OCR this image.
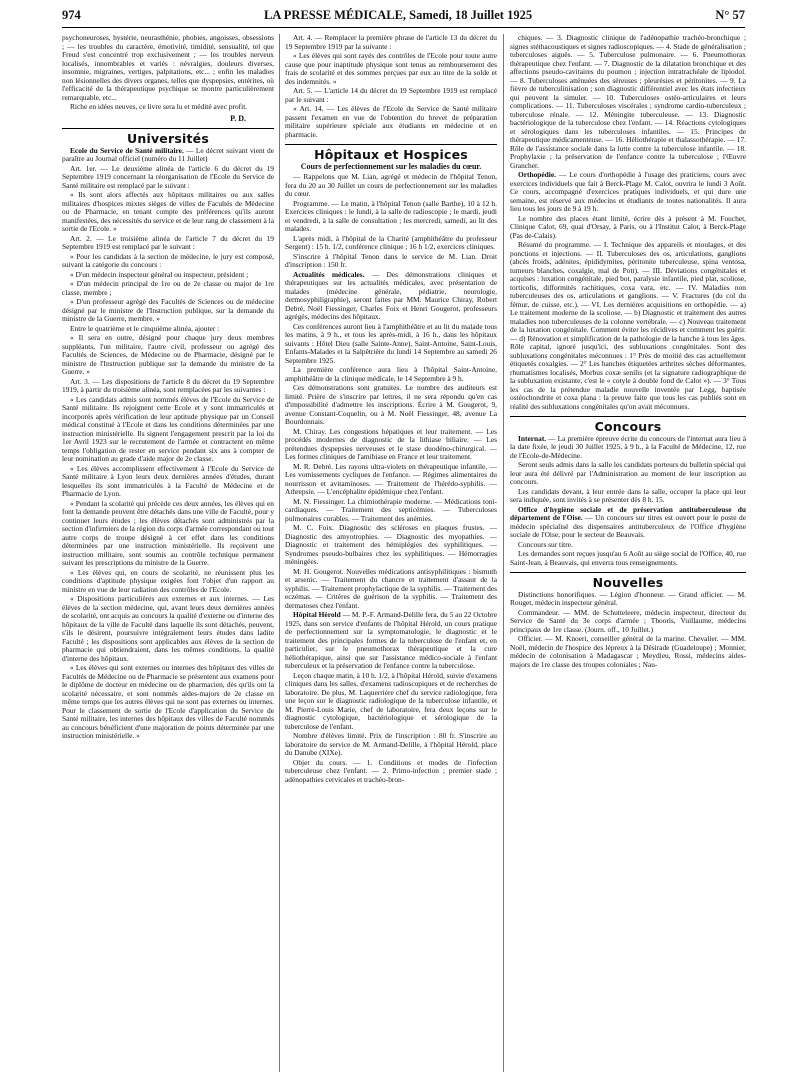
974	LA PRESSE MÉDICALE, Samedi, 18 Juillet 1925	N° 57

psychoneuroses, hystérie, neurasthénie, phobies, angoisses, obsessions ; — les troubles du caractère, émotivité, timidité, sensualité, tel que Freud s'est concentré trop exclusivement ; — les troubles nerveux localisés, innombrables et variés : névralgies, douleurs diverses, insomnie, migraines, vertiges, palpitations, etc... ; enfin les maladies non lésionnelles des divers organes, telles que dyspepsies, entérites, où l'efficacité de la thérapeutique psychique se montre particulièrement remarquable, etc...

Riche en idées neuves, ce livre sera lu et médité avec profit.

P. D.
Universités

Ecole du Service de Santé militaire. — Le décret suivant vient de paraître au Journal officiel (numéro du 11 Juillet)

Art. 1er. — Le deuxième alinéa de l'article 6 du décret du 19 Septembre 1919 concernant la réorganisation de l'Ecole du Service de Santé militaire est remplacé par le suivant :

« Ils sont alors affectés aux hôpitaux militaires ou aux salles militaires d'hospices mixtes sièges de villes de Facultés de Médecine ou de Pharmacie, en tenant compte des préférences qu'ils auront manifestées, des nécessités du service et de leur rang de classement à la sortie de l'Ecole. »

Art. 2. — Le troisième alinéa de l'article 7 du décret du 19 Septembre 1919 est remplacé par le suivant :

« Pour les candidats à la section de médecine, le jury est composé, suivant la catégorie du concours :

« D'un médecin inspecteur général ou inspecteur, président ;

« D'un médecin principal de 1re ou de 2e classe ou major de 1re classe, membre ;

« D'un professeur agrégé des Facultés de Sciences ou de médecine désigné par le ministre de l'Instruction publique, sur la demande du ministre de la Guerre, membre. »

Entre le quatrième et le cinquième alinéa, ajouter :

« Il sera en outre, désigné pour chaque jury deux membres suppléants, l'un militaire, l'autre civil, professeur ou agrégé des Facultés de Sciences, de Médecine ou de Pharmacie, désigné par le ministre de l'Instruction publique sur la demande du ministre de la Guerre. »

Art. 3. — Les dispositions de l'article 8 du décret du 19 Septembre 1919, à partir du troisième alinéa, sont remplacées par les suivantes :

« Les candidats admis sont nommés élèves de l'Ecole du Service de Santé militaire. Ils rejoignent cette Ecole et y sont immatriculés et incorporés après vérification de leur aptitude physique par un Conseil médical constitué à l'Ecole et dans les conditions déterminées par une instruction ministérielle. Ils signent l'engagement prescrit par la loi du 1er Avril 1923 sur le recrutement de l'armée et contractent en même temps l'obligation de rester en service pendant six ans à compter de leur nomination au grade d'aide major de 2e classe.

« Les élèves accomplissent effectivement à l'Ecole du Service de Santé militaire à Lyon leurs deux dernières années d'études, durant lesquelles ils sont immatriculés à la Faculté de Médecine et de Pharmacie de Lyon.

« Pendant la scolarité qui précède ces deux années, les élèves qui en font la demande peuvent être détachés dans une ville de Faculté, pour y continuer leurs études ; les élèves détachés sont administrés par la section d'infirmiers de la région du corps d'armée correspondant ou tout autre corps de troupe désigné à cet effet dans les conditions déterminées par une instruction ministérielle. Ils reçoivent une instruction militaire, sont soumis au contrôle technique permanent suivant les prescriptions du ministre de la Guerre.

« Les élèves qui, en cours de scolarité, ne réunissent plus les conditions d'aptitude physique exigées font l'objet d'un rapport au ministre en vue de leur radiation des contrôles de l'Ecole.

« Dispositions particulières aux externes et aux internes. — Les élèves de la section médecine, qui, avant leurs deux dernières années de scolarité, ont acquis au concours la qualité d'externe ou d'interne des hôpitaux de la ville de Faculté dans laquelle ils sont détachés, peuvent, s'ils le désirent, poursuivre intégralement leurs études dans ladite Faculté ; les dispositions sont applicables aux élèves de la section de pharmacie qui obtiendraient, dans les mêmes conditions, la qualité d'interne des hôpitaux.

« Les élèves qui sont externes ou internes des hôpitaux des villes de Facultés de Médecine ou de Pharmacie se présentent aux examens pour le diplôme de docteur en médecine ou de pharmacien, dès qu'ils ont la scolarité nécessaire, et sont nommés aides-majors de 2e classe en même temps que les autres élèves qui ne sont pas externes ou internes. Pour le classement de sortie de l'Ecole d'application du Service de Santé militaire, les internes des hôpitaux des villes de Faculté nommés au concours bénéficient d'une majoration de points déterminée par une instruction ministérielle. »

Art. 4. — Remplacer la première phrase de l'article 13 du décret du 19 Septembre 1919 par la suivante :

« Les élèves qui sont rayés des contrôles de l'Ecole pour toute autre cause que pour inaptitude physique sont tenus au remboursement des frais de scolarité et des sommes perçues par eux au titre de la solde et des indemnités. »

Art. 5. — L'article 14 du décret du 19 Septembre 1919 est remplacé par le suivant :

« Art. 14. — Les élèves de l'Ecole du Service de Santé militaire passent l'examen en vue de l'obtention du brevet de préparation militaire supérieure spéciale aux étudiants en médecine et en pharmacie.

Hôpitaux et Hospices
Cours de perfectionnement sur les maladies du cœur.

— Rappelons que M. Lian, agrégé et médecin de l'hôpital Tenon, fera du 20 au 30 Juillet un cours de perfectionnement sur les maladies du cœur.

Programme. — Le matin, à l'hôpital Tenon (salle Barthe), 10 à 12 h. Exercices cliniques : le lundi, à la salle de radioscopie ; le mardi, jeudi et vendredi, à la salle de consultation ; les mercredi, samedi, au lit des malades.

L'après midi, à l'hôpital de la Charité (amphithéâtre du professeur Sergent) : 15 h. 1/2, conférence clinique ; 16 h 1/2, exercices cliniques.

S'inscrire à l'hôpital Tenon dans le service de M. Lian. Droit d'inscription : 150 fr.

Actualités médicales. — Des démonstrations cliniques et thérapeutiques sur les actualités médicales, avec présentation de malades (médecine générale, pédiatrie, neurologie, dermosyphiligraphie), seront faites par MM. Maurice Chiray, Robert Debré, Noël Fiessinger, Charles Foix et Henri Gougerot, professeurs agrégés, médecins des hôpitaux.

Ces conférences auront lieu à l'amphithéâtre et au lit du malade tous les matins, à 9 h., et tous les après-midi, à 16 h., dans les hôpitaux suivants : Hôtel Dieu (salle Sainte-Anne), Saint-Antoine, Saint-Louis, Enfants-Malades et la Salpêtrière du lundi 14 Septembre au samedi 26 Septembre 1925.

La première conférence aura lieu à l'hôpital Saint-Antoine, amphithéâtre de la clinique médicale, le 14 Septembre à 9 h.

Ces démonstrations sont gratuites. Le nombre des auditeurs est limité. Prière de s'inscrire par lettres, il ne sera répondu qu'en cas d'impossibilité d'admettre les inscriptions. Écrire à M. Gougerot, 9, avenue Constant-Coquelin, ou à M. Noël Fiessinger, 48, avenue La Bourdonnais.

M. Chiray. Les congestions hépatiques et leur traitement. — Les procédés modernes de diagnostic de la lithiase biliaire. — Les prétendues dyspepsies nerveuses et le stase duodéno-chirurgical. — Les formes cliniques de l'amibiase en France et leur traitement.

M. R. Debré. Les rayons ultra-violets en thérapeutique infantile. — Les vomissements cycliques de l'enfance. — Régimes alimentaires du nourrisson et avitaminoses. — Traitement de l'hérédo-syphilis. — Athrepsie. — L'encéphalite épidémique chez l'enfant.

M. N. Fiessinger. La chimiothérapie moderne. — Médications toni-cardiaques. — Traitement des septicémies. — Tuberculoses pulmonaires curables. — Traitement des anémies.

M. C. Foix. Diagnostic des scléroses en plaques frustes. — Diagnostic des amyotrophies. — Diagnostic des myopathies. — Diagnostic et traitement des hémiplégies des syphilitiques. — Syndromes pseudo-bulbaires chez les syphilitiques. — Hémorragies méningées.

M. H. Gougerot. Nouvelles médications antisyphilitiques : bismuth et arsenic. — Traitement du chancre et traitement d'assaut de la syphilis. — Traitement prophylactique de la syphilis. — Traitement des eczémas. — Critères de guérison de la syphilis. — Traitement des dermatoses chez l'enfant.

Hôpital Hérold — M. P.-F. Armand-Delille fera, du 5 au 22 Octobre 1925, dans son service d'enfants de l'hôpital Hérold, un cours pratique de perfectionnement sur la symptomatologie, le diagnostic et le traitement des principales formes de la tuberculose de l'enfant et, en particulier, sur le pneumothorax thérapeutique et la cure héliothérapique, ainsi que sur l'assistance médico-sociale à l'enfant tuberculeux et la préservation de l'enfance contre la tuberculose.

Leçon chaque matin, à 10 h. 1/2, à l'hôpital Hérold, suivie d'examens cliniques dans les salles, d'examens radioscopiques et de recherches de laboratoire. De plus, M. Laquerrière chef du service radiologique, fera une leçon sur le diagnostic radiologique de la tuberculose infantile, et M. Pierre-Louis Marie, chef de laboratoire, fera deux leçons sur le diagnostic cytologique, bactériologique et sérologique de la tuberculose de l'enfant.

Nombre d'élèves limité. Prix de l'inscription : 80 fr. S'inscrire au laboratoire du service de M. Armand-Delille, à l'hôpital Hérold, place du Danube (XIXe).

Objet du cours. — 1. Conditions et modes de l'infection tuberculeuse chez l'enfant. — 2. Primo-infection ; premier stade ; adénopathies cervicales et trachéo-bron-

chiques. — 3. Diagnostic clinique de l'adénopathie trachéo-bronchique ; signes stéthacoustiques et signes radioscopiques. — 4. Stade de généralisation ; tuberculoses aiguës. — 5. Tuberculose pulmonaire. — 6. Pneumothorax thérapeutique chez l'enfant. — 7. Diagnostic de la dilatation bronchique et des affections pseudo-cavitaires du poumon ; injection intratrachéale de lipiodol. — 8. Tuberculoses atténuées des séreuses ; pleurésies et péritonites. — 9. La fièvre de tuberculinisation ; son diagnostic différentiel avec les états infectieux qui peuvent la simuler. — 10. Tuberculoses ostéo-articulaires et leurs complications. — 11. Tuberculoses viscérales ; syndrome cardio-tuberculeux ; tuberculose rénale. — 12. Méningite tuberculeuse. — 13. Diagnostic bactériologique de la tuberculose chez l'enfant. — 14. Réactions cytologiques et sérologiques dans les tuberculoses infantiles. — 15. Principes de thérapeutique médicamenteuse. — 16. Héliothérapie et thalassothérapie. — 17. Rôle de l'assistance sociale dans la lutte contre la tuberculose infantile. — 18. Prophylaxie ; la préservation de l'enfance contre la tuberculose ; l'Œuvre Grancher.

Orthopédie. — Le cours d'orthopédie à l'usage des praticiens, cours avec exercices individuels que fait à Berck-Plage M. Calot, ouvrira le lundi 3 Août. Ce cours, accompagné d'exercices pratiques individuels, et qui dure une semaine, est réservé aux médecins et étudiants de toutes nationalités. Il aura lieu tous les jours de 9 à 19 h.

Le nombre des places étant limité, écrire dès à présent à M. Fouchet, Clinique Calot, 69, quai d'Orsay, à Paris, ou à l'Institut Calot, à Berck-Plage (Pas de-Calais).

Résumé du programme. — I. Technique des appareils et moulages, et des ponctions et injections. — II. Tuberculoses des os, articulations, ganglions (abcès froids, adénites, épididymites, péritonite tuberculeuse, spina ventosa, tumeurs blanches, coxalgie, mal de Pott). — III. Déviations congénitales et acquises : luxation congénitale, pied bot, paralysie infantile, pied plat, scoliose, torticolis, difformités rachitiques, coxa vara, etc. — IV. Maladies non tuberculeuses des os, articulations et ganglions. — V. Fractures (du col du fémur, de cuisse, etc.). — VI. Les dernières acquisitions en orthopédie. — a) Le traitement moderne de la scoliose. — b) Diagnostic et traitement des autres maladies non tuberculeuses de la colonne vertébrale. — c) Nouveau traitement de la luxation congénitale. Comment éviter les récidives et comment les guérir. — d) Rénovation et simplification de la pathologie de la hanche à tous les âges. Rôle capital, ignoré jusqu'ici, des subluxations congénitales. Sont des subluxations congénitales méconnues : 1° Près de moitié des cas actuellement étiquetés coxalgies. — 2° Les hanches étiquetées arthrites sèches déformantes, rhumatismes localisés, Morbus coxæ senilis (et la signature radiographique de la subluxation existante, c'est le « cotyle à double fond de Calot »). — 3° Tous les cas de la prétendue maladie nouvelle inventée par Legg, baptisée ostéochondrite et coxa plana : la preuve faite que tous les cas publiés sont en réalité des subluxations congénitales qu'on avait méconnues.

Concours

Internat. — La première épreuve écrite du concours de l'internat aura lieu à la date fixée, le jeudi 30 Juillet 1925, à 9 h., à la Faculté de Médecine, 12, rue de l'Ecole-de-Médecine.

Seront seuls admis dans la salle les candidats porteurs du bulletin spécial qui leur aura été délivré par l'Administration au moment de leur inscription au concours.

Les candidats devant, à leur entrée dans la salle, occuper la place qui leur sera indiquée, sont invités à se présenter dès 8 h. 15.

Office d'hygiène sociale et de préservation antituberculeuse du département de l'Oise. — Un concours sur titres est ouvert pour le poste de médecin spécialisé des dispensaires antituberculeux de l'Office d'hygiène sociale de l'Oise, pour le secteur de Beauvais.

Concours sur titre.

Les demandes sont reçues jusqu'au 6 Août au siège social de l'Office, 40, rue Saint-Jean, à Beauvais, qui enverra tous renseignements.

Nouvelles

Distinctions honorifiques. — Légion d'honneur. — Grand officier. — M. Rouget, médecin inspecteur général.

Commandeur. — MM. de Schutteleere, médecin inspecteur, directeur du Service de Santé du 3e corps d'armée ; Thooris, Vuillaume, médecins principaux de 1re classe. (Journ. off., 10 Juillet.)

Officier. — M. Knoeri, conseiller général de la marine. Chevalier. — MM. Noël, médecin de l'hospice des lépreux à la Désirade (Guadeloupe) ; Monnier, médecin de colonisation à Madagascar ; Meydieu, Rossi, médecins aides-majors de 1re classe des troupes coloniales ; Nau-
